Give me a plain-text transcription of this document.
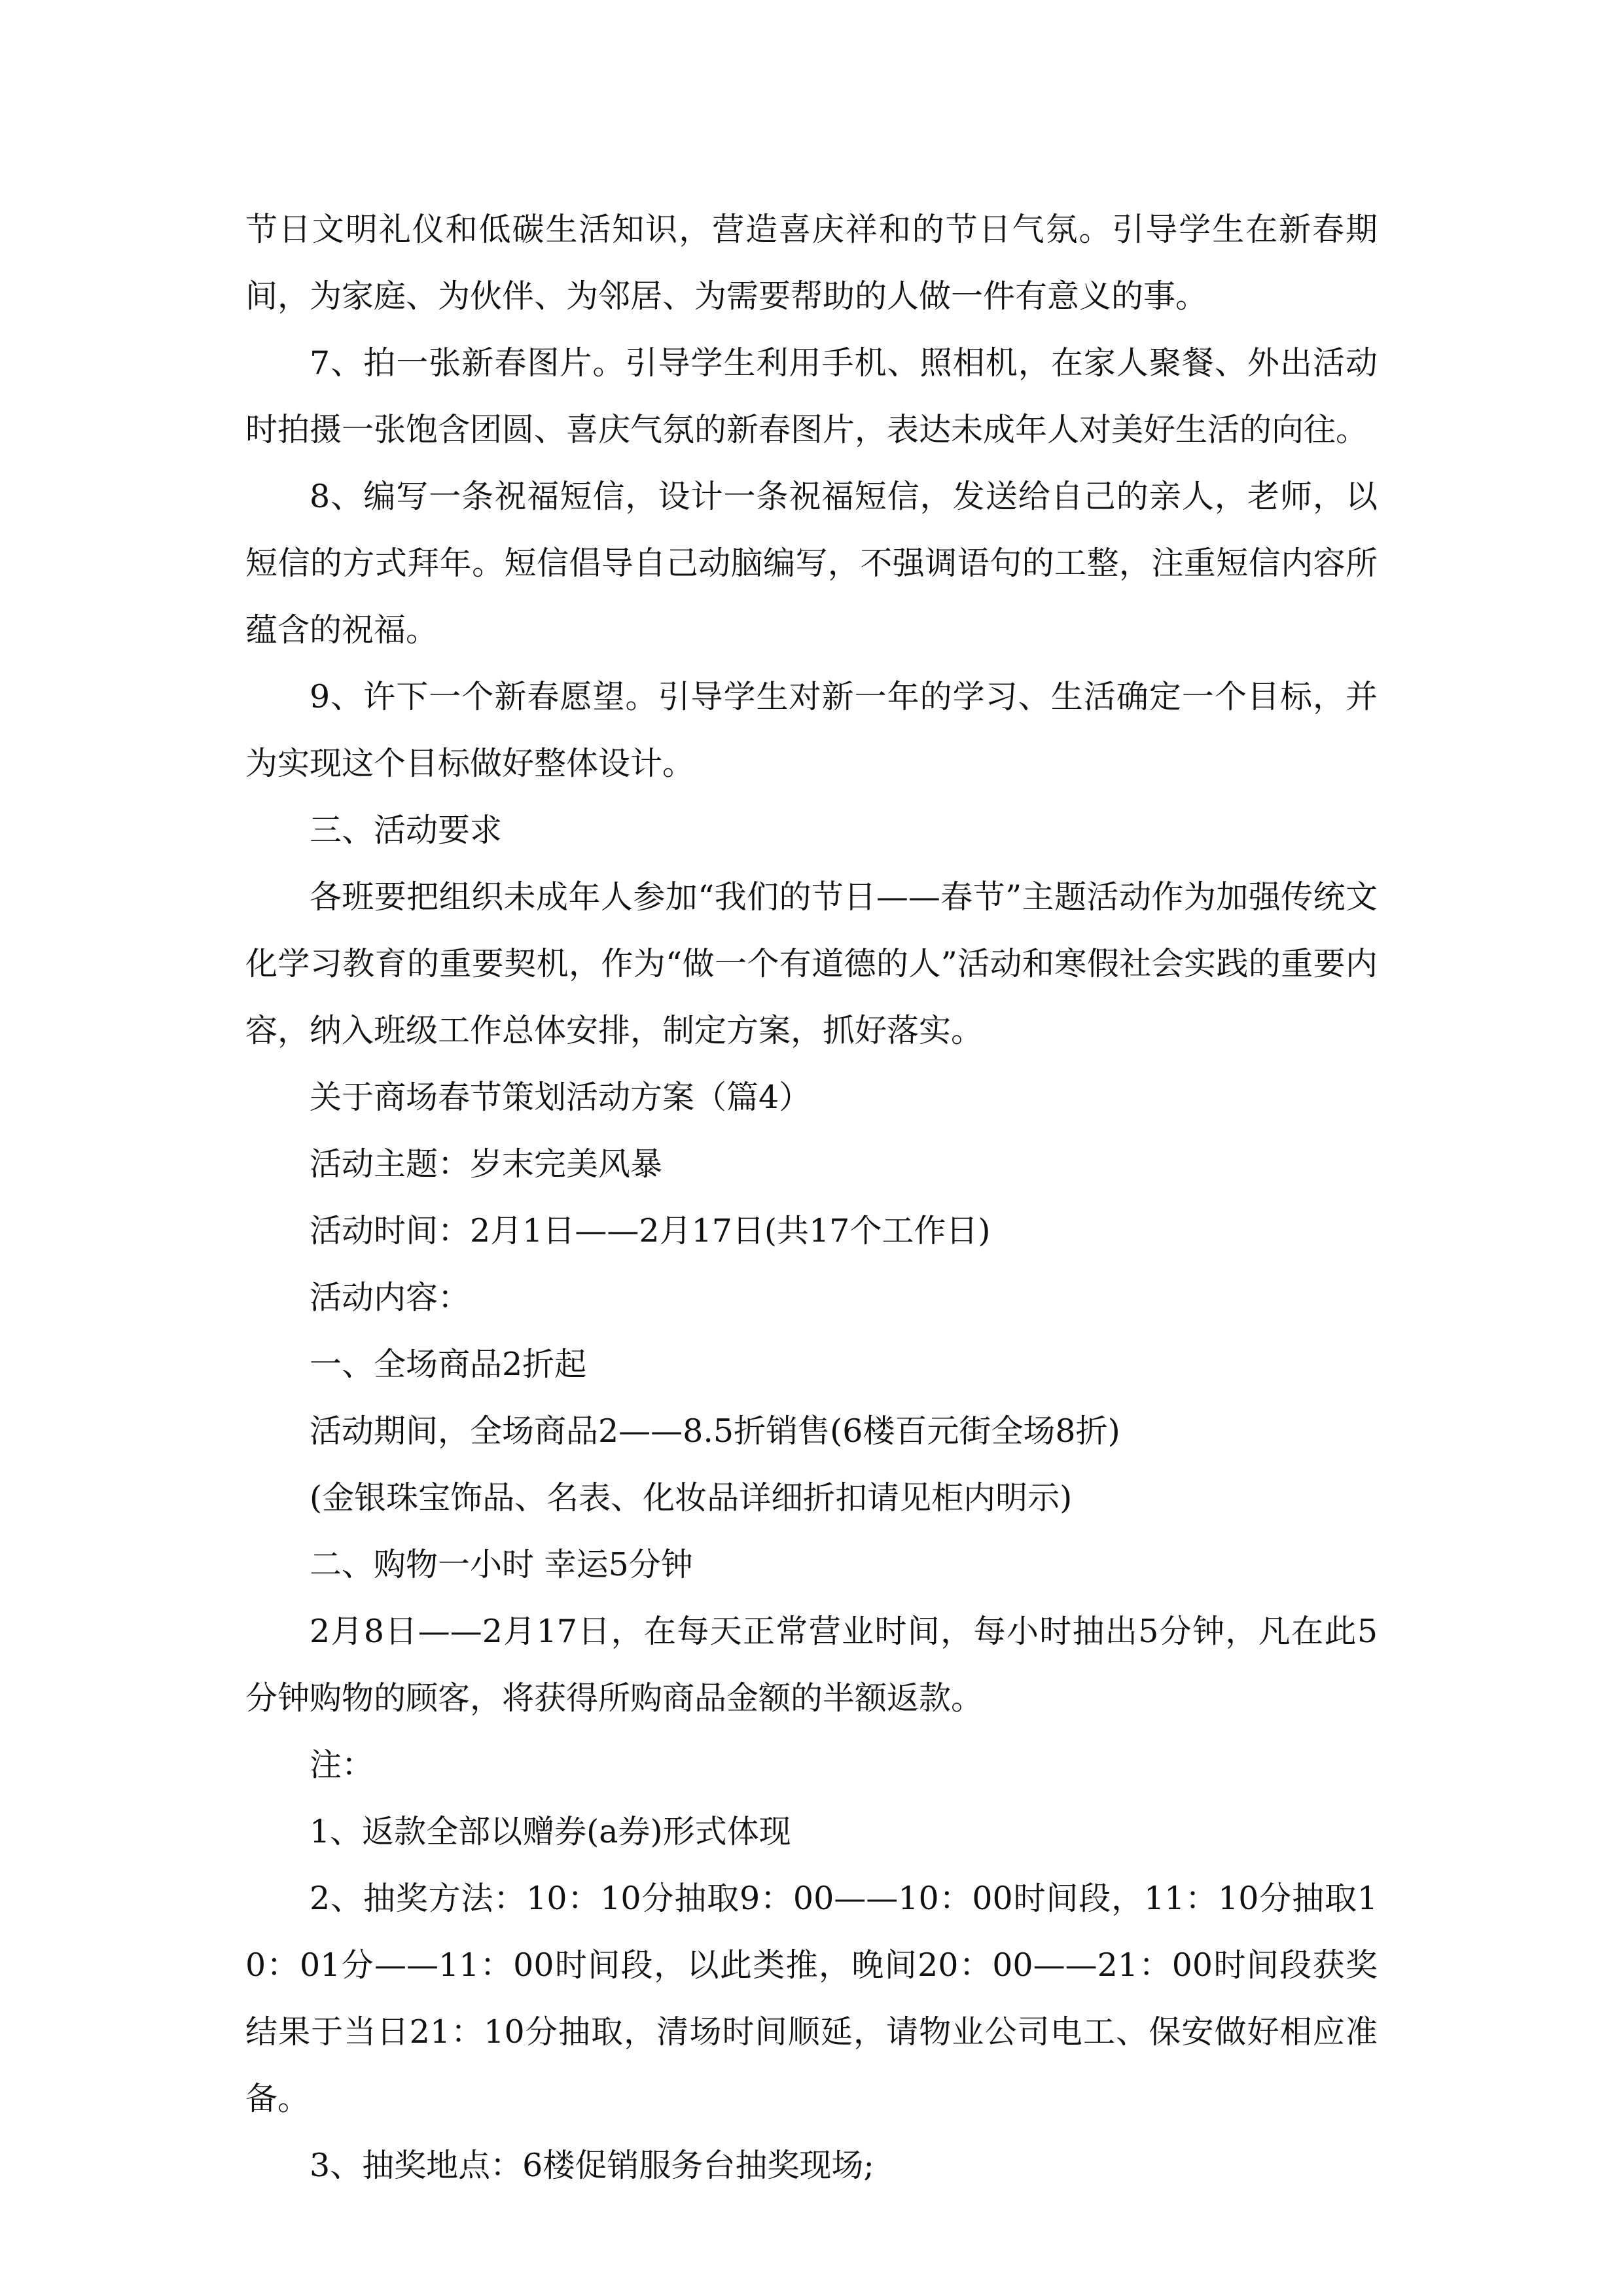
节日文明礼仪和低碳生活知识，营造喜庆祥和的节日气氛。引导学生在新春期间，为家庭、为伙伴、为邻居、为需要帮助的人做一件有意义的事。

7、拍一张新春图片。引导学生利用手机、照相机，在家人聚餐、外出活动时拍摄一张饱含团圆、喜庆气氛的新春图片，表达未成年人对美好生活的向往。

8、编写一条祝福短信，设计一条祝福短信，发送给自己的亲人，老师，以短信的方式拜年。短信倡导自己动脑编写，不强调语句的工整，注重短信内容所蕴含的祝福。

9、许下一个新春愿望。引导学生对新一年的学习、生活确定一个目标，并为实现这个目标做好整体设计。

三、活动要求

各班要把组织未成年人参加“我们的节日——春节”主题活动作为加强传统文化学习教育的重要契机，作为“做一个有道德的人”活动和寒假社会实践的重要内容，纳入班级工作总体安排，制定方案，抓好落实。

关于商场春节策划活动方案（篇4）

活动主题：岁末完美风暴

活动时间：2月1日——2月17日(共17个工作日)

活动内容：

一、全场商品2折起

活动期间，全场商品2——8.5折销售(6楼百元街全场8折)

(金银珠宝饰品、名表、化妆品详细折扣请见柜内明示)

二、购物一小时 幸运5分钟

2月8日——2月17日，在每天正常营业时间，每小时抽出5分钟，凡在此5分钟购物的顾客，将获得所购商品金额的半额返款。

注：

1、返款全部以赠券(a券)形式体现

2、抽奖方法：10：10分抽取9：00——10：00时间段，11：10分抽取10：01分——11：00时间段，以此类推，晚间20：00——21：00时间段获奖结果于当日21：10分抽取，清场时间顺延，请物业公司电工、保安做好相应准备。

3、抽奖地点：6楼促销服务台抽奖现场;
